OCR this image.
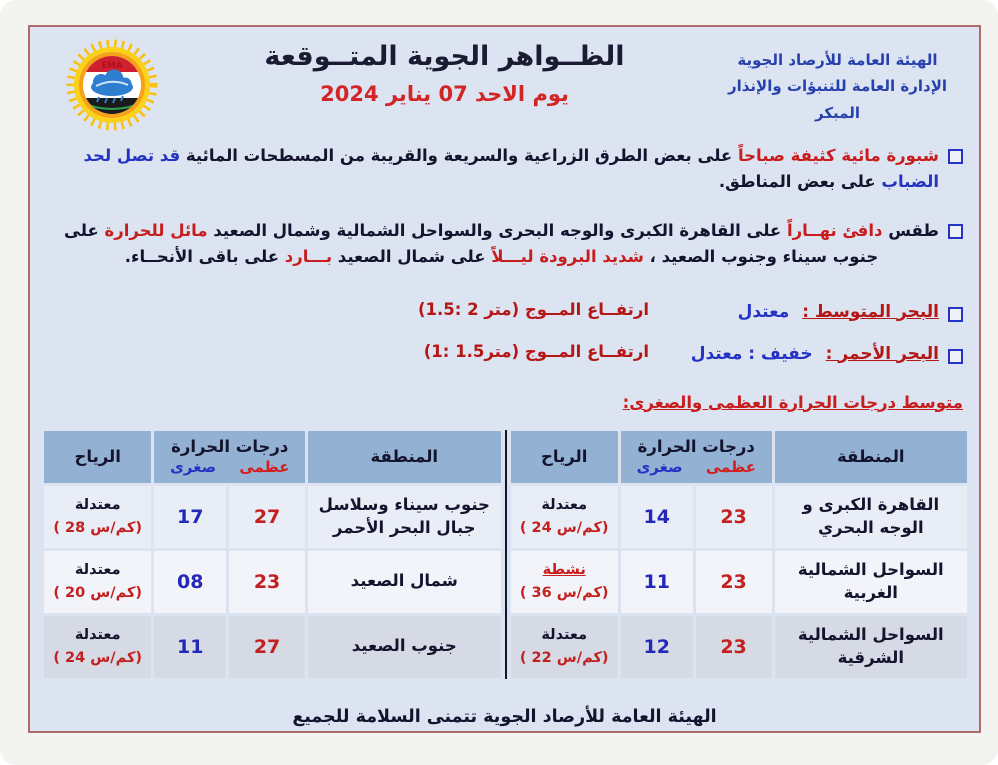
الهيئة العامة للأرصاد الجوية
الإدارة العامة للتنبؤات والإنذار المبكر
الظــواهر الجوية المتــوقعة
يوم الاحد 07 يناير 2024
EMA

شبورة مائية كثيفة صباحاً على بعض الطرق الزراعية والسريعة والقريبة من المسطحات المائية قد تصل لحد الضباب على بعض المناطق.

طقس دافئ نهــاراً على القاهرة الكبرى والوجه البحرى والسواحل الشمالية وشمال الصعيد مائل للحرارة على جنوب سيناء وجنوب الصعيد ، شديد البرودة ليـــلاً على شمال الصعيد بـــارد على باقى الأنحــاء.

البحر المتوسط :
معتدل
ارتفــاع المــوج (1.5: 2 متر)
البحر الأحمر :
خفيف : معتدل
ارتفــاع المــوج (1: 1.5متر)
متوسط درجات الحرارة العظمى والصغرى:
المنطقة	درجات الحرارة
عظمى
صغرى		الرياح
جنوب سيناء وسلاسل جبال البحر الأحمر	27	17	معتدلة
( 28 كم/س)

شمال الصعيد	23	08	معتدلة
( 20 كم/س)

جنوب الصعيد	27	11	معتدلة
( 24 كم/س)
المنطقة	درجات الحرارة
عظمى
صغرى		الرياح
القاهرة الكبرى و الوجه البحري	23	14	معتدلة
( 24 كم/س)

السواحل الشمالية الغربية	23	11	نشطة
( 36 كم/س)

السواحل الشمالية الشرقية	23	12	معتدلة
( 22 كم/س)
الهيئة العامة للأرصاد الجوية تتمنى السلامة للجميع
